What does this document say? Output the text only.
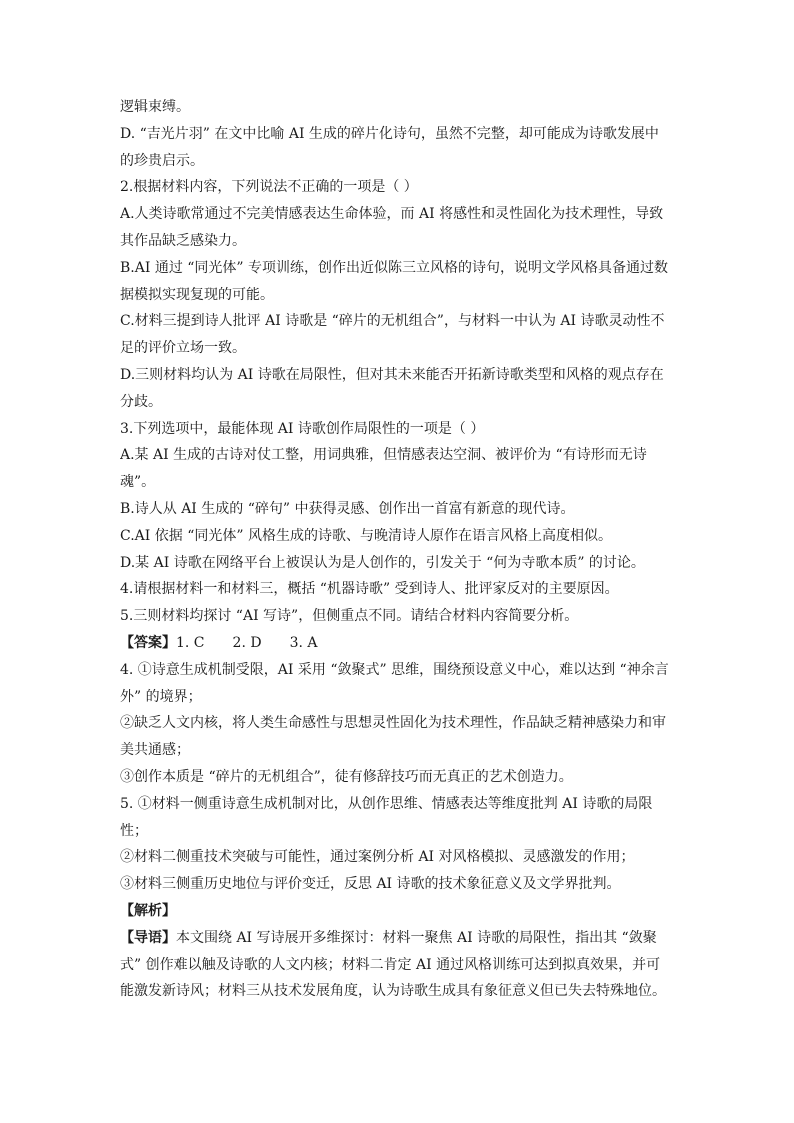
逻辑束缚。
D. “吉光片羽” 在文中比喻 AI 生成的碎片化诗句，虽然不完整，却可能成为诗歌发展中
的珍贵启示。
2.根据材料内容，下列说法不正确的一项是（ ）
A.人类诗歌常通过不完美情感表达生命体验，而 AI 将感性和灵性固化为技术理性，导致
其作品缺乏感染力。
B.AI 通过 “同光体” 专项训练，创作出近似陈三立风格的诗句，说明文学风格具备通过数
据模拟实现复现的可能。
C.材料三提到诗人批评 AI 诗歌是 “碎片的无机组合”，与材料一中认为 AI 诗歌灵动性不
足的评价立场一致。
D.三则材料均认为 AI 诗歌在局限性，但对其未来能否开拓新诗歌类型和风格的观点存在
分歧。
3.下列选项中，最能体现 AI 诗歌创作局限性的一项是（ ）
A.某 AI 生成的古诗对仗工整，用词典雅，但情感表达空洞、被评价为 “有诗形而无诗
魂”。
B.诗人从 AI 生成的 “碎句” 中获得灵感、创作出一首富有新意的现代诗。
C.AI 依据 “同光体” 风格生成的诗歌、与晚清诗人原作在语言风格上高度相似。
D.某 AI 诗歌在网络平台上被误认为是人创作的，引发关于 “何为寺歌本质” 的讨论。
4.请根据材料一和材料三，概括 “机器诗歌” 受到诗人、批评家反对的主要原因。
5.三则材料均探讨 “AI 写诗”，但侧重点不同。请结合材料内容简要分析。
【答案】1. C 2. D 3. A
4. ①诗意生成机制受限，AI 采用 “敛聚式” 思维，围绕预设意义中心，难以达到 “神余言
外” 的境界；
②缺乏人文内核，将人类生命感性与思想灵性固化为技术理性，作品缺乏精神感染力和审
美共通感；
③创作本质是 “碎片的无机组合”，徒有修辞技巧而无真正的艺术创造力。
5. ①材料一侧重诗意生成机制对比，从创作思维、情感表达等维度批判 AI 诗歌的局限
性；
②材料二侧重技术突破与可能性，通过案例分析 AI 对风格模拟、灵感激发的作用；
③材料三侧重历史地位与评价变迁，反思 AI 诗歌的技术象征意义及文学界批判。
【解析】
【导语】本文围绕 AI 写诗展开多维探讨：材料一聚焦 AI 诗歌的局限性，指出其 “敛聚
式” 创作难以触及诗歌的人文内核；材料二肯定 AI 通过风格训练可达到拟真效果，并可
能激发新诗风；材料三从技术发展角度，认为诗歌生成具有象征意义但已失去特殊地位。
